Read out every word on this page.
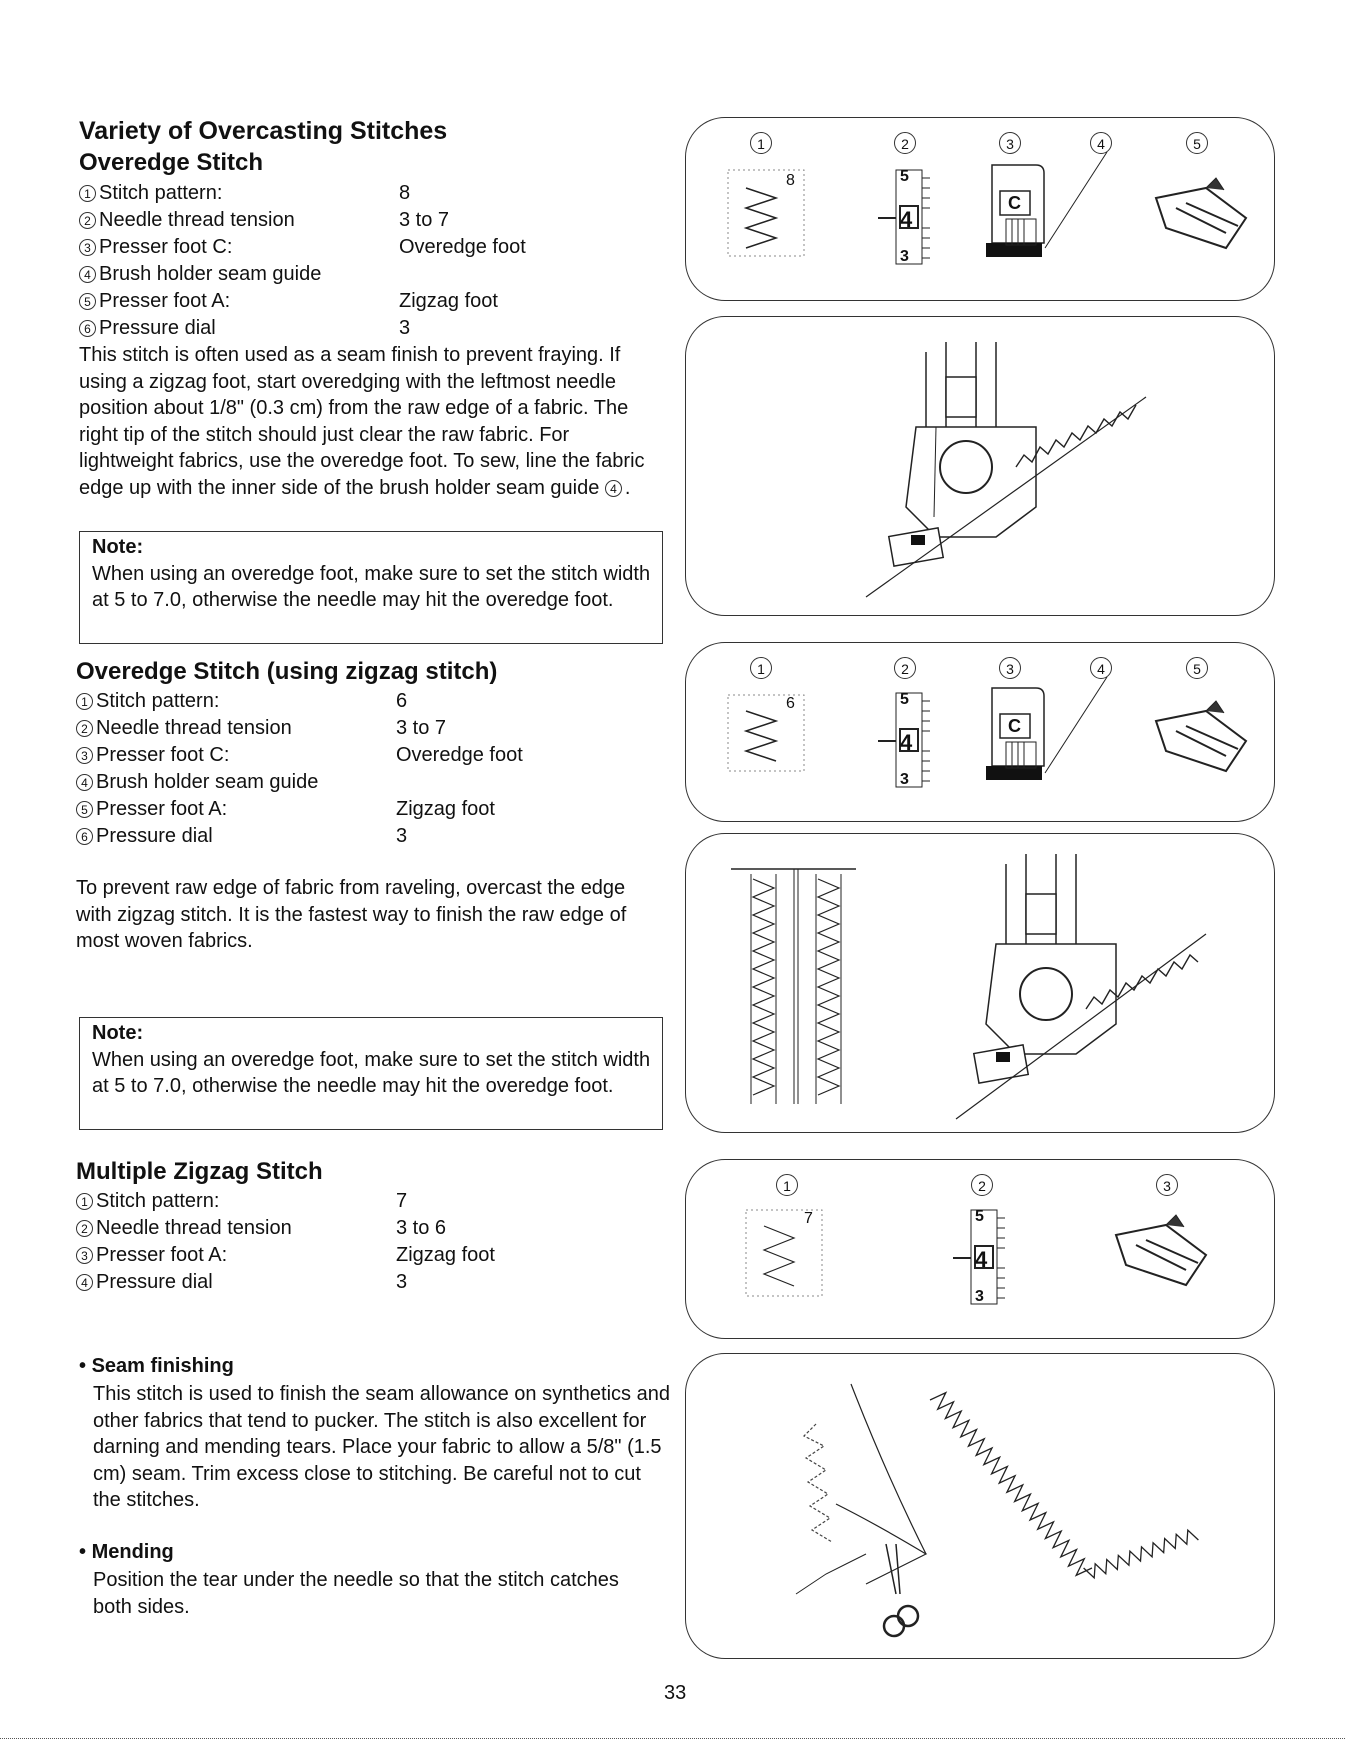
Variety of Overcasting Stitches
Overedge Stitch
1 Stitch pattern:	8
2 Needle thread tension	3 to 7
3 Presser foot C:	Overedge foot
4 Brush holder seam guide
5 Presser foot A:	Zigzag foot
6 Pressure dial	3
This stitch is often used as a seam finish to prevent fraying. If using a zigzag foot, start overedging with the leftmost needle position about 1/8" (0.3 cm) from the raw edge of a fabric. The right tip of the stitch should just clear the raw fabric. For lightweight fabrics, use the overedge foot. To sew, line the fabric edge up with the inner side of the brush holder seam guide 4 .
Note:
When using an overedge foot, make sure to set the stitch width at 5 to 7.0, otherwise the needle may hit the overedge foot.
Overedge Stitch (using zigzag stitch)
1 Stitch pattern:	6
2 Needle thread tension	3 to 7
3 Presser foot C:	Overedge foot
4 Brush holder seam guide
5 Presser foot A:	Zigzag foot
6 Pressure dial	3
To prevent raw edge of fabric from raveling, overcast the edge with zigzag stitch. It is the fastest way to finish the raw edge of most woven fabrics.
Note:
When using an overedge foot, make sure to set the stitch width at 5 to 7.0, otherwise the needle may hit the overedge foot.
Multiple Zigzag Stitch
1 Stitch pattern:	7
2 Needle thread tension	3 to 6
3 Presser foot A:	Zigzag foot
4 Pressure dial	3
• Seam finishing
This stitch is used to finish the seam allowance on synthetics and other fabrics that tend to pucker. The stitch is also excellent for darning and mending tears. Place your fabric to allow a 5/8" (1.5 cm) seam. Trim excess close to stitching. Be careful not to cut the stitches.
• Mending
Position the tear under the needle so that the stitch catches both sides.
1	2	3	4	5
8	5
4
3
C
1	2	3	4	5
6	5
4
3
C
1	2	3
7	5
4
3
33
